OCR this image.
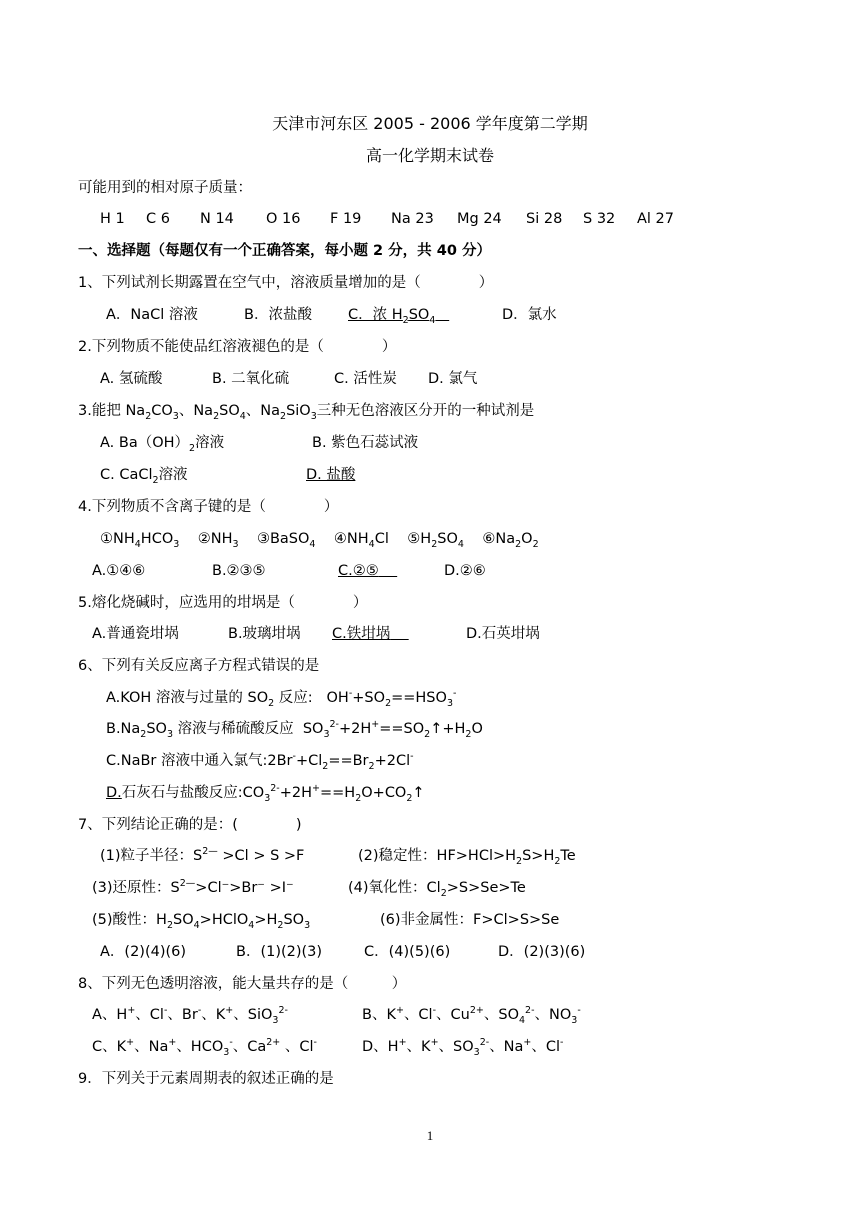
天津市河东区 2005 - 2006 学年度第二学期
高一化学期末试卷
可能用到的相对原子质量：
H 1 C 6 N 14 O 16 F 19 Na 23 Mg 24 Si 28 S 32 Al 27
一、选择题（每题仅有一个正确答案，每小题 2 分，共 40 分）
1、下列试剂长期露置在空气中，溶液质量增加的是（　　　　）
A．NaCl 溶液	C．浓 $H_2SO_4$	D．氯水
B．浓盐酸
2.下列物质不能使品红溶液褪色的是（　　　　）
A. 氢硫酸	B. 二氧化硫	C. 活性炭 D. 氯气
3.能把 $Na_2CO_3$、$Na_2SO_4$、$Na_2SiO_3$三种无色溶液区分开的一种试剂是
A. $Ba(OH)_2$溶液	B. 紫色石蕊试液
C. CaCl$_2$溶液	D. 盐酸
4.下列物质不含离子键的是（　　　　）
$①NH_4HCO_3$    $②NH_3$    ③BaSO$_4$    $④NH_4Cl$    $⑤H_2SO_4$    $⑥Na_2O_2$
A.①④⑥	B.②③⑤	C.②⑤	D.②⑥
5.熔化烧碱时，应选用的坩埚是（　　　　）
A.普通瓷坩埚	B.玻璃坩埚 C.铁坩埚	D.石英坩埚
6、下列有关反应离子方程式错误的是
A.KOH 溶液与过量的 $SO_2$ 反应:   $OH^-+SO_2==HSO_3^-$
$B.Na_2SO_3$ 溶液与稀硫酸反应  $SO_3^{2-}+2H^+==SO_2↑+H_2O$
C.NaBr 溶液中通入氯气$:2Br^-+Cl_2==Br_2+2Cl^-$
D.石灰石与盐酸反应$:CO_3^{2-}+2H^+==H_2O+CO_2↑$
7、下列结论正确的是：(　　　　)
(1)粒子半径：$S^{2—} >Cl > S >F$	(2)稳定性：$HF>HCl>H_2S>H_2Te$
(3)还原性：$S^{2—}>Cl^->Br^- >I^-$	(4)氧化性：$Cl_2>S>Se>Te$
(5)酸性：$H_2SO_4>HClO_4>H_2SO_3$	(6)非金属性：F>Cl>S>Se
A．(2)(4)(6)	B．(1)(2)(3)	C．(4)(5)(6)	D．(2)(3)(6)
8、下列无色透明溶液，能大量共存的是（　　　）
A、H+、Cl-、Br-、K+、SiO$_3^{2-}$	B、K+、Cl-、$Cu^{2+}$、$SO_4^{2-}$、$NO_3^-$
C、K+、Na+、$HCO_3^-$、$Ca^{2+}$ 、Cl-	D、H+、K+、$SO_3^{2-}$、Na+、Cl-
9．下列关于元素周期表的叙述正确的是
1
